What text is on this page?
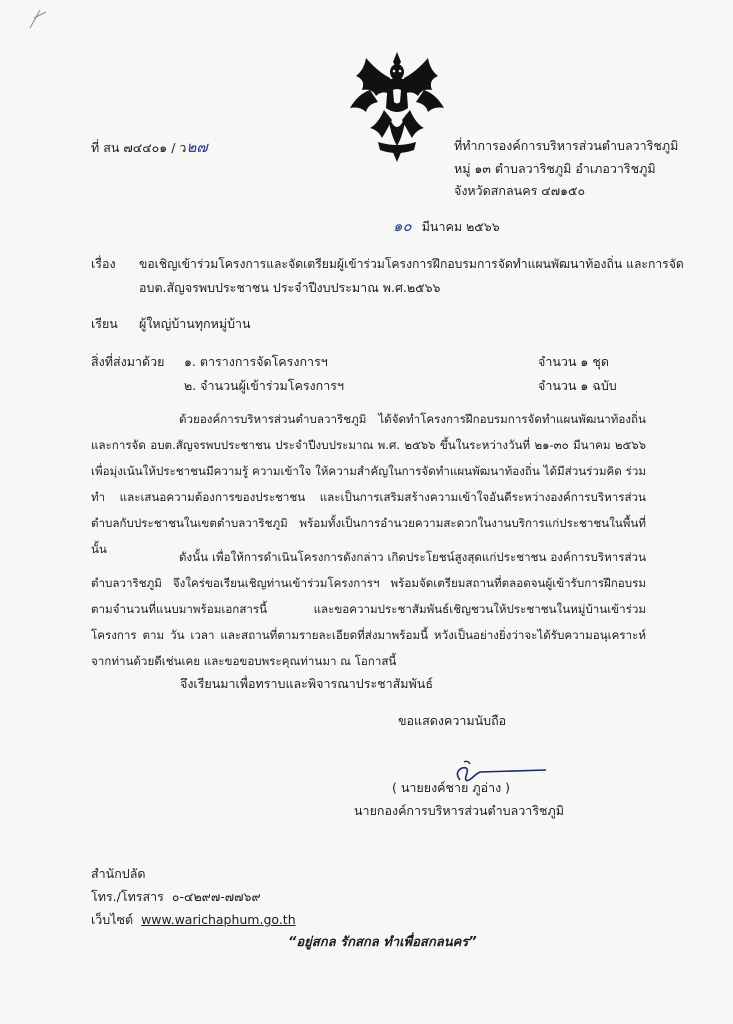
ที่ สน ๗๔๔๐๑ / ว๒๗	ที่ทำการองค์การบริหารส่วนตำบลวาริชภูมิ
หมู่ ๑๓ ตำบลวาริชภูมิ อำเภอวาริชภูมิ
จังหวัดสกลนคร ๔๗๑๕๐
๑๐ มีนาคม ๒๕๖๖
เรื่อง ขอเชิญเข้าร่วมโครงการและจัดเตรียมผู้เข้าร่วมโครงการฝึกอบรมการจัดทำแผนพัฒนาท้องถิ่น และการจัด
อบต.สัญจรพบประชาชน ประจำปีงบประมาณ พ.ศ.๒๕๖๖
เรียน ผู้ใหญ่บ้านทุกหมู่บ้าน
สิ่งที่ส่งมาด้วย ๑. ตารางการจัดโครงการฯ	จำนวน ๑ ชุด
๒. จำนวนผู้เข้าร่วมโครงการฯ	จำนวน ๑ ฉบับ
ด้วยองค์การบริหารส่วนตำบลวาริชภูมิ ได้จัดทำโครงการฝึกอบรมการจัดทำแผนพัฒนาท้องถิ่น และการจัด อบต.สัญจรพบประชาชน ประจำปีงบประมาณ พ.ศ. ๒๕๖๖ ขึ้นในระหว่างวันที่ ๒๑-๓๐ มีนาคม ๒๕๖๖ เพื่อมุ่งเน้นให้ประชาชนมีความรู้ ความเข้าใจ ให้ความสำคัญในการจัดทำแผนพัฒนาท้องถิ่น ได้มีส่วนร่วมคิด ร่วมทำ และเสนอความต้องการของประชาชน และเป็นการเสริมสร้างความเข้าใจอันดีระหว่างองค์การบริหารส่วนตำบลกับประชาชนในเขตตำบลวาริชภูมิ พร้อมทั้งเป็นการอำนวยความสะดวกในงานบริการแก่ประชาชนในพื้นที่ นั้น
ดังนั้น เพื่อให้การดำเนินโครงการดังกล่าว เกิดประโยชน์สูงสุดแก่ประชาชน องค์การบริหารส่วนตำบลวาริชภูมิ จึงใคร่ขอเรียนเชิญท่านเข้าร่วมโครงการฯ พร้อมจัดเตรียมสถานที่ตลอดจนผู้เข้ารับการฝึกอบรมตามจำนวนที่แนบมาพร้อมเอกสารนี้ และขอความประชาสัมพันธ์เชิญชวนให้ประชาชนในหมู่บ้านเข้าร่วมโครงการ ตาม วัน เวลา และสถานที่ตามรายละเอียดที่ส่งมาพร้อมนี้ หวังเป็นอย่างยิ่งว่าจะได้รับความอนุเคราะห์จากท่านด้วยดีเช่นเคย และขอขอบพระคุณท่านมา ณ โอกาสนี้
จึงเรียนมาเพื่อทราบและพิจารณาประชาสัมพันธ์
ขอแสดงความนับถือ
( นายยงค์ชาย ภูอ่าง )
นายกองค์การบริหารส่วนตำบลวาริชภูมิ
สำนักปลัด
โทร./โทรสาร ๐-๔๒๙๗-๗๗๖๙
เว็บไซต์ www.warichaphum.go.th
“อยู่สกล รักสกล ทำเพื่อสกลนคร”
